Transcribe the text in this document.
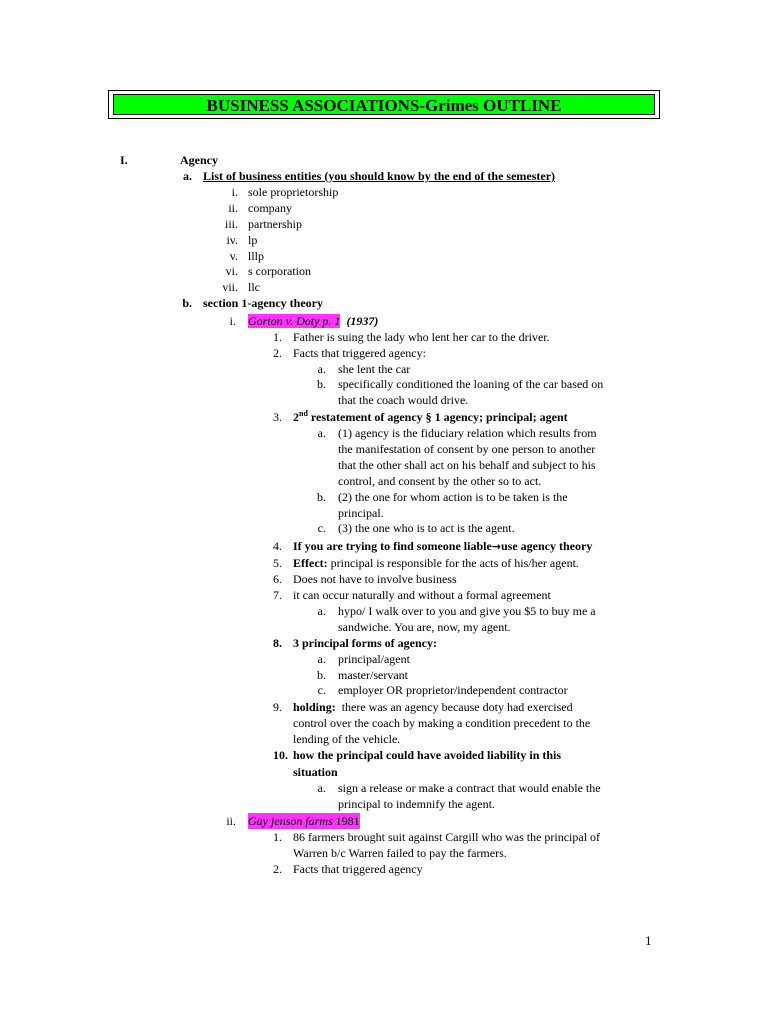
BUSINESS ASSOCIATIONS-Grimes OUTLINE
I.	Agency
a. List of business entities (you should know by the end of the semester)
i. sole proprietorship
ii. company
iii. partnership
iv. lp
v. lllp
vi. s corporation
vii. llc
b. section 1-agency theory
i. Gorton v. Doty p. 1 (1937)
1. Father is suing the lady who lent her car to the driver.
2. Facts that triggered agency:
a. she lent the car
b. specifically conditioned the loaning of the car based on
that the coach would drive.
3. 2nd restatement of agency § 1 agency; principal; agent
a. (1) agency is the fiduciary relation which results from
the manifestation of consent by one person to another
that the other shall act on his behalf and subject to his
control, and consent by the other so to act.
b. (2) the one for whom action is to be taken is the
principal.
c. (3) the one who is to act is the agent.
4. If you are trying to find someone liable→use agency theory
5. Effect: principal is responsible for the acts of his/her agent.
6. Does not have to involve business
7. it can occur naturally and without a formal agreement
a. hypo/ I walk over to you and give you $5 to buy me a
sandwiche. You are, now, my agent.
8. 3 principal forms of agency:
a. principal/agent
b. master/servant
c. employer OR proprietor/independent contractor
9. holding:  there was an agency because doty had exercised
control over the coach by making a condition precedent to the
lending of the vehicle.
10. how the principal could have avoided liability in this
situation
a. sign a release or make a contract that would enable the
principal to indemnify the agent.
ii. Gay jenson farms 1981
1. 86 farmers brought suit against Cargill who was the principal of
Warren b/c Warren failed to pay the farmers.
2. Facts that triggered agency
1
